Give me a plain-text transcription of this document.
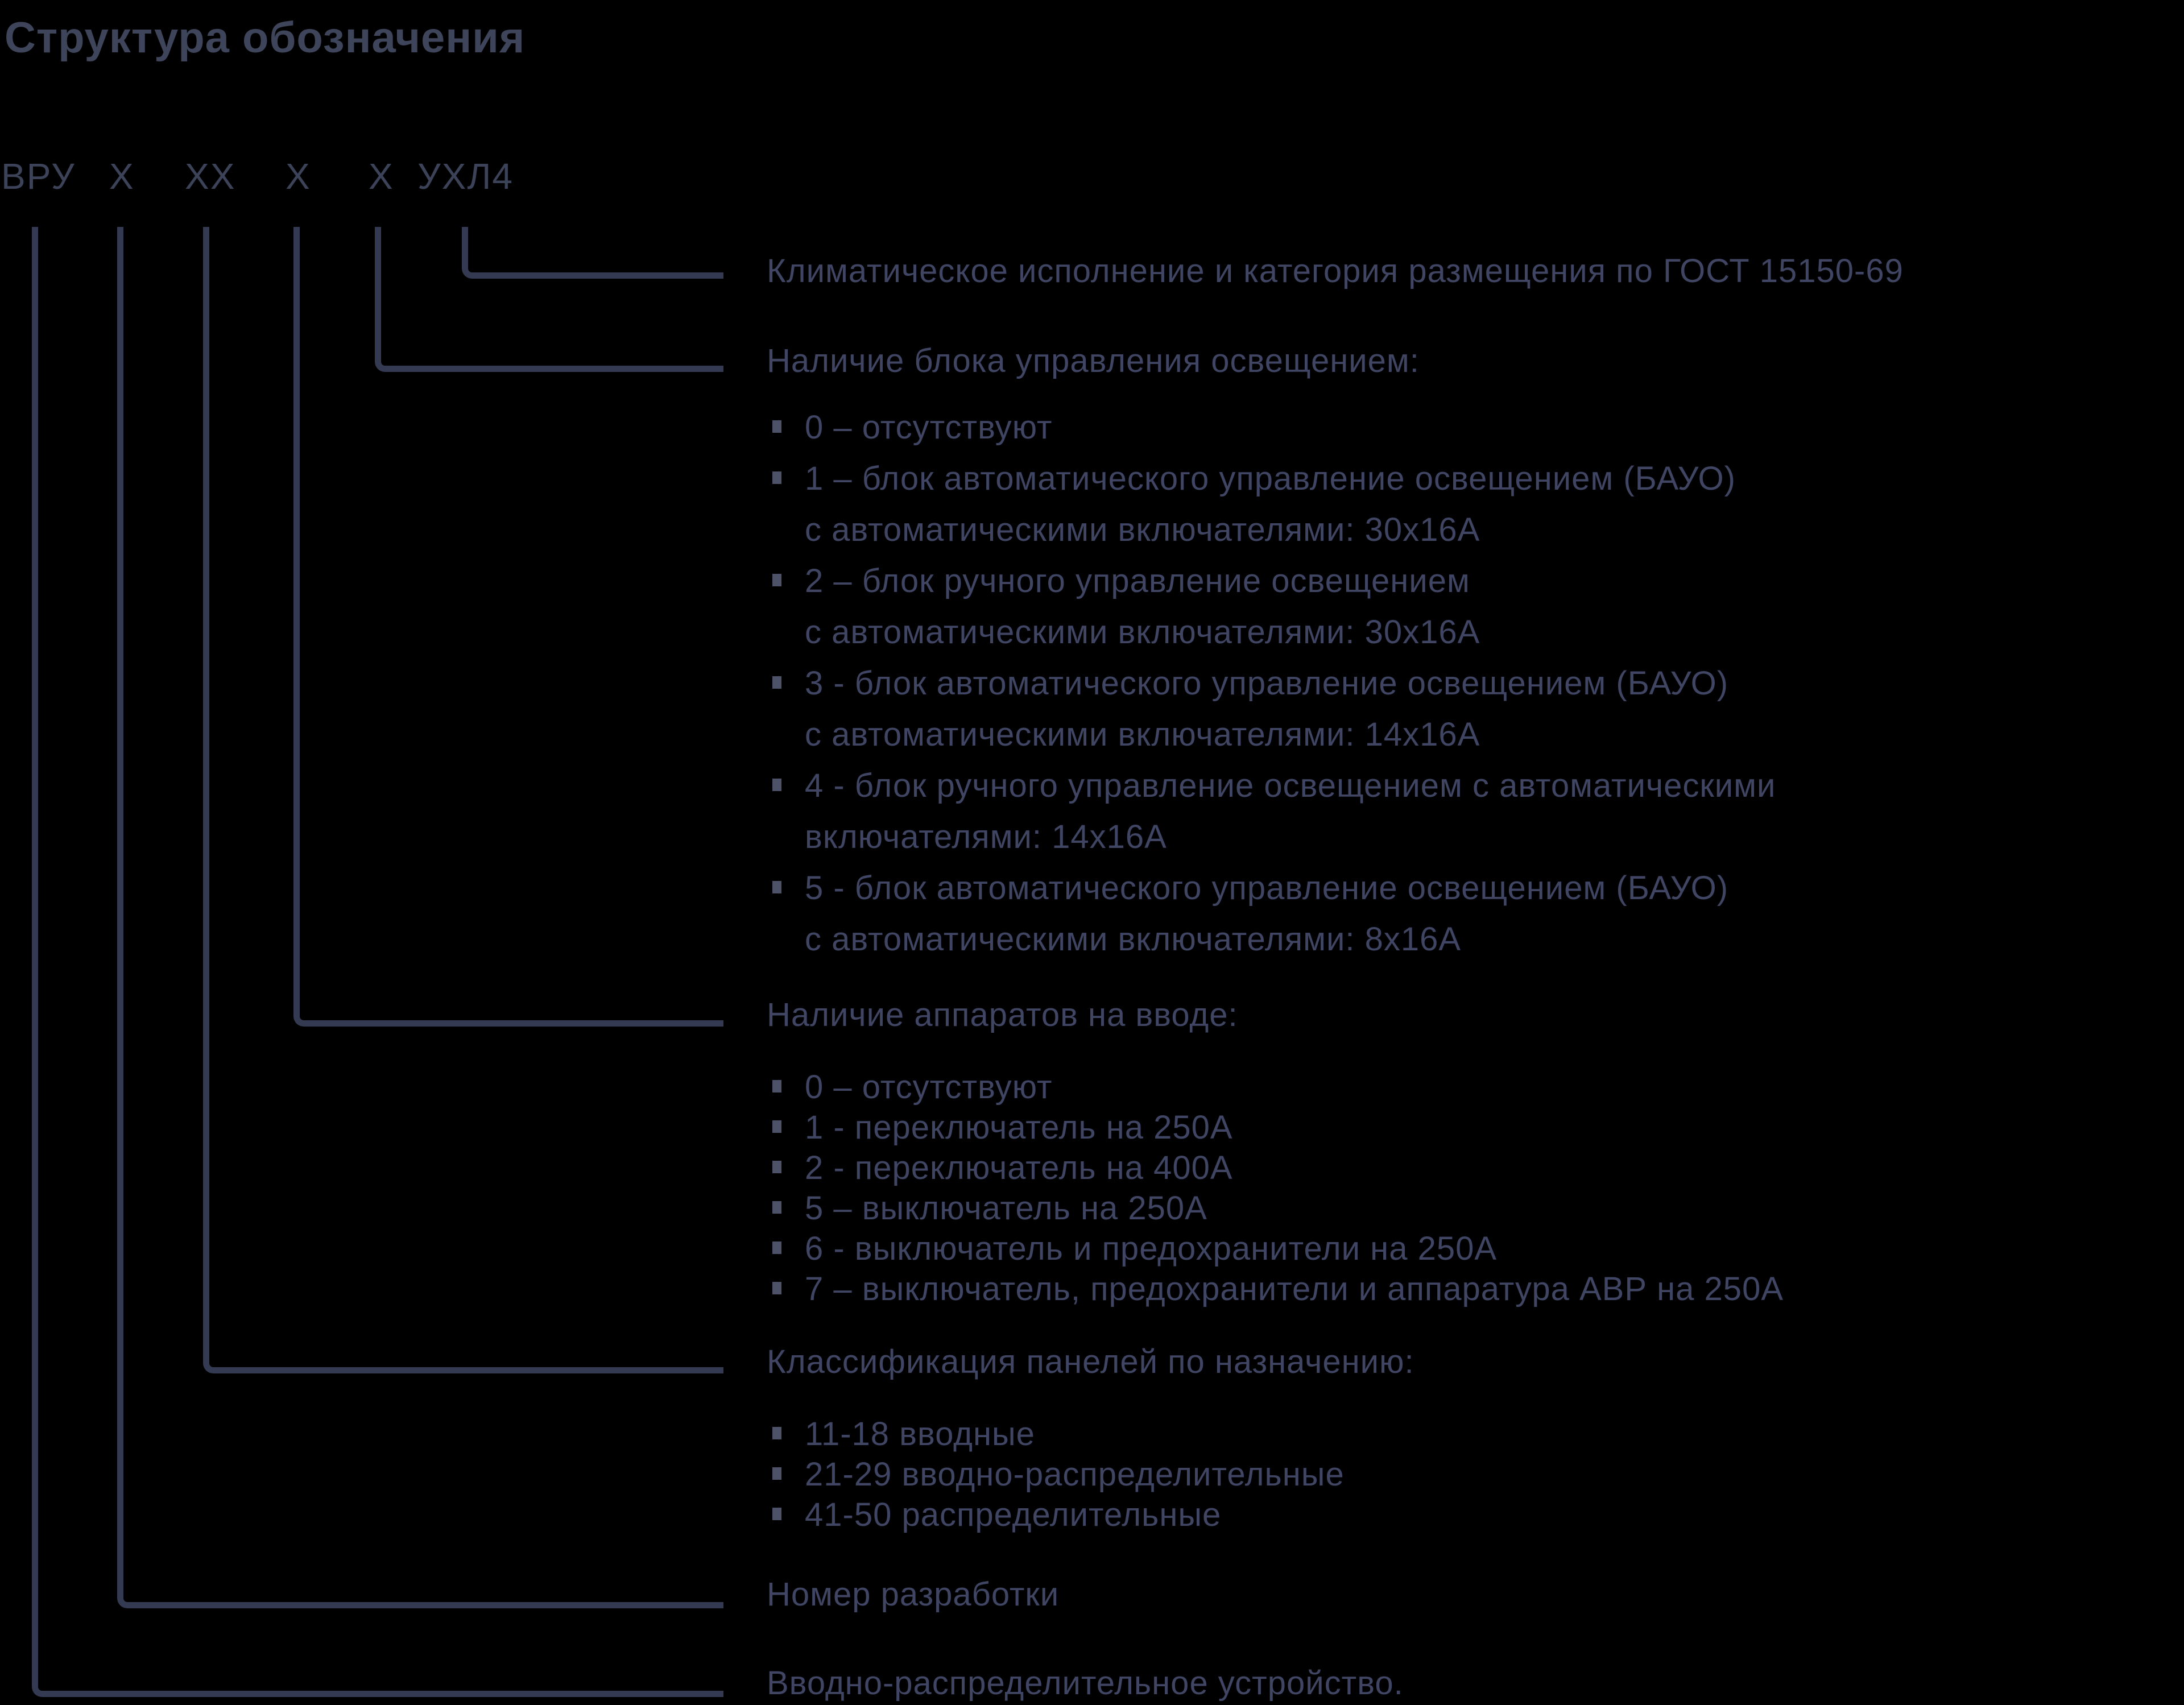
Структура обозначения
ВРУ Х ХХ Х Х УХЛ4
Климатическое исполнение и категория размещения по ГОСТ 15150-69
Наличие блока управления освещением:
Наличие аппаратов на вводе:
Классификация панелей по назначению:
Номер разработки
Вводно-распределительное устройство.
0 – отсутствуют
1 – блок автоматического управление освещением (БАУО)
с автоматическими включателями: 30х16А
2 – блок ручного управление освещением
с автоматическими включателями: 30х16А
3 - блок автоматического управление освещением (БАУО)
с автоматическими включателями: 14х16А
4 - блок ручного управление освещением с автоматическими
включателями: 14х16А
5 - блок автоматического управление освещением (БАУО)
с автоматическими включателями: 8х16А
0 – отсутствуют
1 - переключатель на 250А
2 - переключатель на 400А
5 – выключатель на 250А
6 - выключатель и предохранители на 250А
7 – выключатель, предохранители и аппаратура АВР на 250А
11-18 вводные
21-29 вводно-распределительные
41-50 распределительные
